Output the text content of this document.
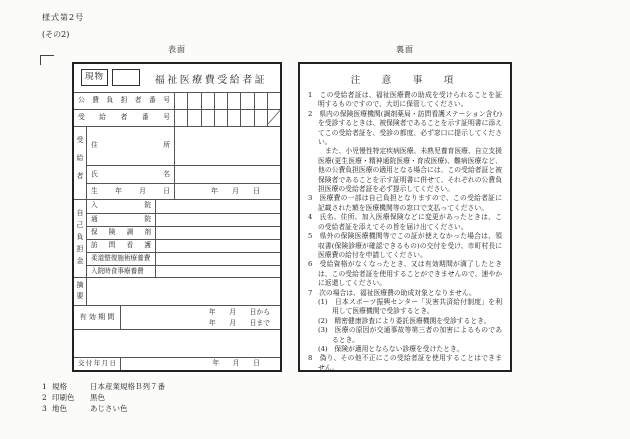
様式第2号
(その2)
表面	裏面
現物	福祉医療費受給者証
公費負担者番号
受給者番号
受給者	住所
氏名
生年月日	年　　月　　日
自己負担金
入院
通院
保険調剤
訪問看護
柔道整復施術療養費
入院時食事療養費
摘要
有 効 期 間
年　　月　　日から
年　　月　　日まで
交付年月日	年　　月　　日
注　意　事　項
1　この受給者証は、福祉医療費の助成を受けられることを証明するものですので、大切に保管してください。
2　県内の保険医療機関(調剤薬局・訪問看護ステーション含む)を受診するときは、被保険者であることを示す証明書に添えてこの受給者証を、受診の都度、必ず窓口に提示してください。
また、小児慢性特定疾病医療、未熟児養育医療、自立支援医療(更生医療・精神通院医療・育成医療)、難病医療など、他の公費負担医療の適用となる場合には、この受給者証と被保険者であることを示す証明書に併せて、それぞれの公費負担医療の受給者証を必ず提示してください。
3　医療費の一部は自己負担となりますので、この受給者証に記載された額を医療機関等の窓口で支払ってください。
4　氏名、住所、加入医療保険などに変更があったときは、この受給者証を添えてその旨を届け出てください。
5　県外の保険医療機関等でこの証が使えなかった場合は、領収書(保険診療が確認できるもの)の交付を受け、市町村長に医療費の給付を申請してください。
6　受給資格がなくなったとき、又は有効期間が満了したときは、この受給者証を使用することができませんので、速やかに返還してください。
7　次の場合は、福祉医療費の助成対象となりません。
(1)　日本スポーツ振興センター「災害共済給付制度」を利用して医療機関で受診するとき。
(2)　精密健康診査により委託医療機関を受診するとき。
(3)　医療の原因が交通事故等第三者の加害によるものであるとき。
(4)　保険が適用とならない診療を受けたとき。
8　偽り、その他不正にこの受給者証を使用することはできません。
1 規格	日本産業規格Ｂ列７番
2 印刷色	黒色
3 地色	あじさい色
